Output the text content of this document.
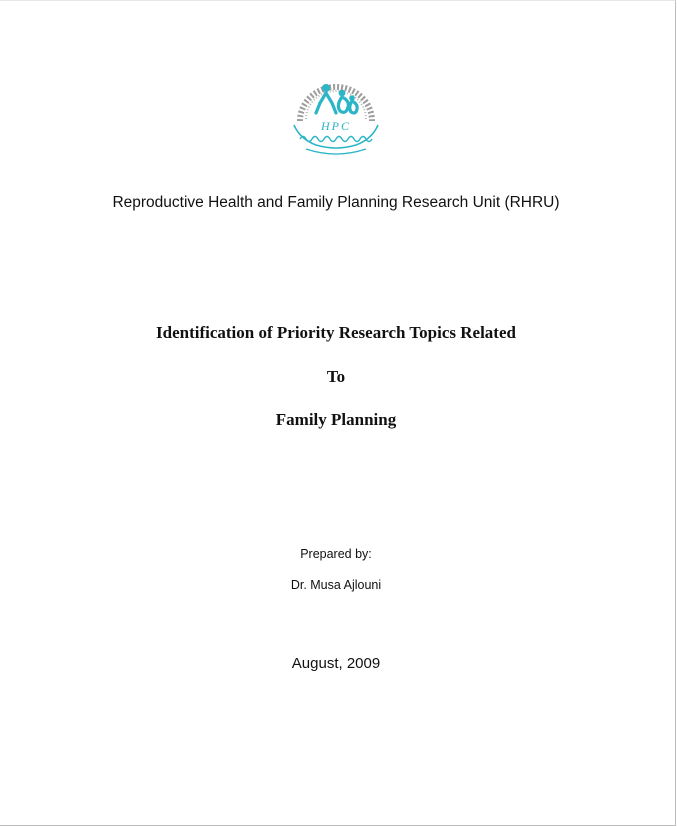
HPC
Reproductive Health and Family Planning Research Unit (RHRU)
Identification of Priority Research Topics Related
To
Family Planning
Prepared by:
Dr. Musa Ajlouni
August, 2009
